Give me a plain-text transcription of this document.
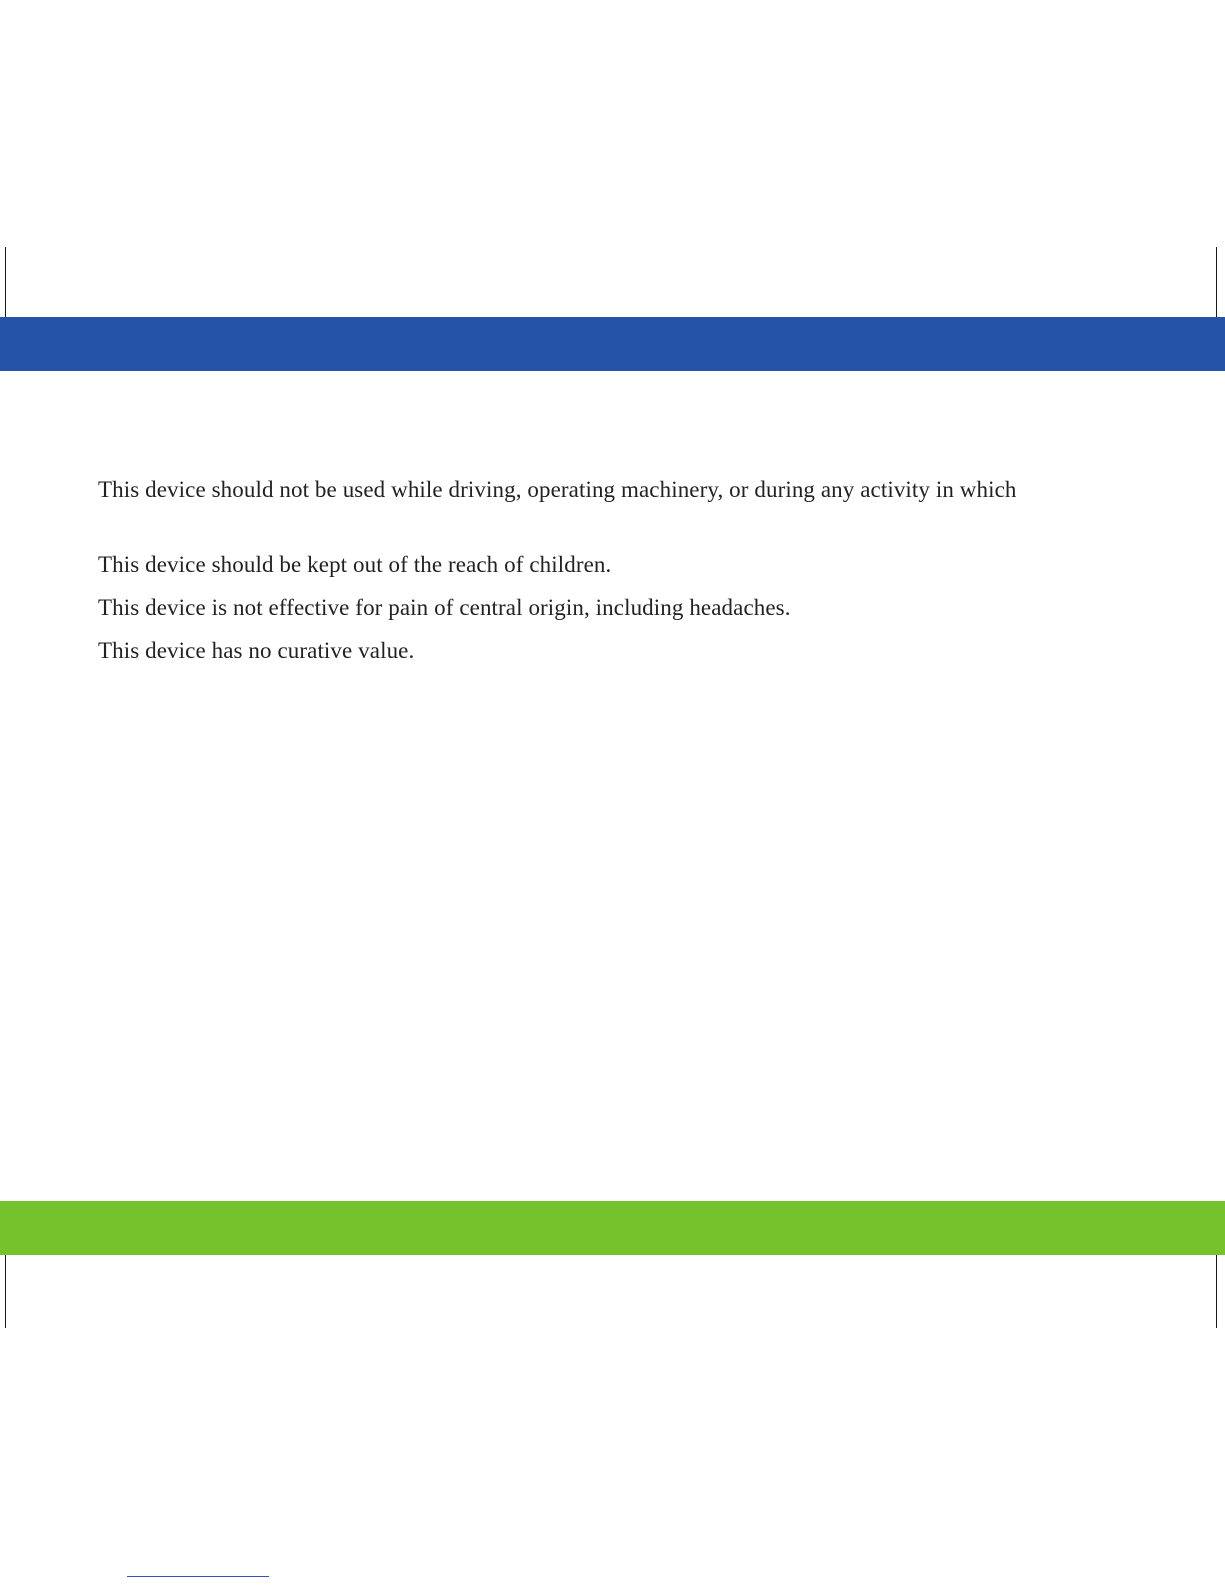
This device should not be used while driving, operating machinery, or during any activity in which
This device should be kept out of the reach of children.
This device is not effective for pain of central origin, including headaches.
This device has no curative value.
